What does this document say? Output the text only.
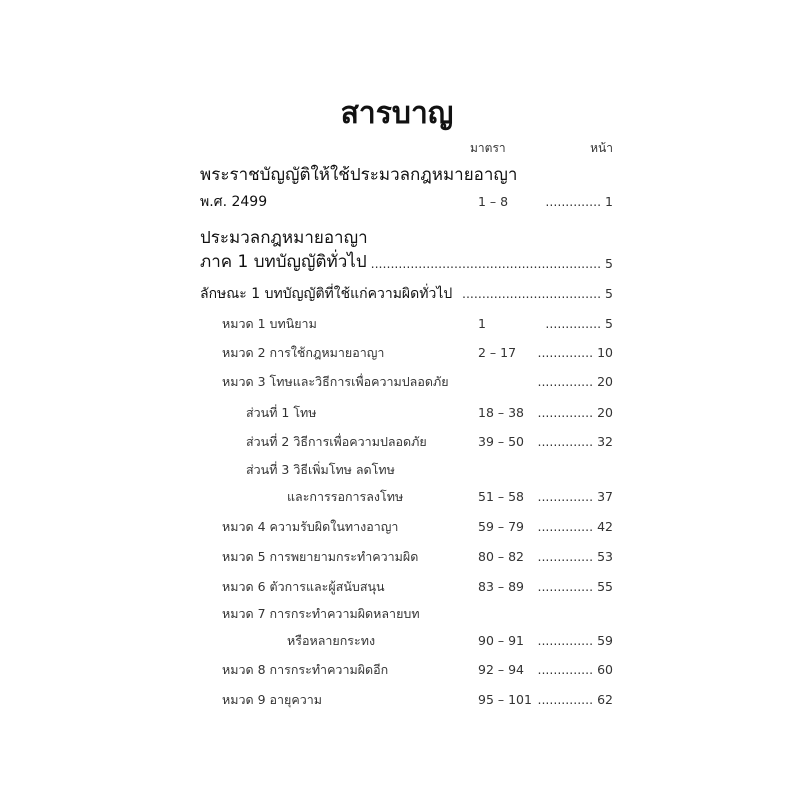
สารบาญ
มาตรา	หน้า
พระราชบัญญัติให้ใช้ประมวลกฎหมายอาญา
พ.ศ. 2499	1 – 8 .....	1
ประมวลกฎหมายอาญา
ภาค 1 บทบัญญัติทั่วไป .......................................................... 5
ลักษณะ 1 บทบัญญัติที่ใช้แก่ความผิดทั่วไป ................................... 5
หมวด 1 บทนิยาม	1 .....	5
หมวด 2 การใช้กฎหมายอาญา	2 – 17 .....	10
หมวด 3 โทษและวิธีการเพื่อความปลอดภัย .....	20
ส่วนที่ 1 โทษ	18 – 38 .....	20
ส่วนที่ 2 วิธีการเพื่อความปลอดภัย	39 – 50 .....	32
ส่วนที่ 3 วิธีเพิ่มโทษ ลดโทษ
และการรอการลงโทษ	51 – 58 .....	37
หมวด 4 ความรับผิดในทางอาญา	59 – 79 .....	42
หมวด 5 การพยายามกระทำความผิด	80 – 82 .....	53
หมวด 6 ตัวการและผู้สนับสนุน	83 – 89 .....	55
หมวด 7 การกระทำความผิดหลายบท
หรือหลายกระทง	90 – 91 .....	59
หมวด 8 การกระทำความผิดอีก	92 – 94 .....	60
หมวด 9 อายุความ	95 – 101 .....	62
